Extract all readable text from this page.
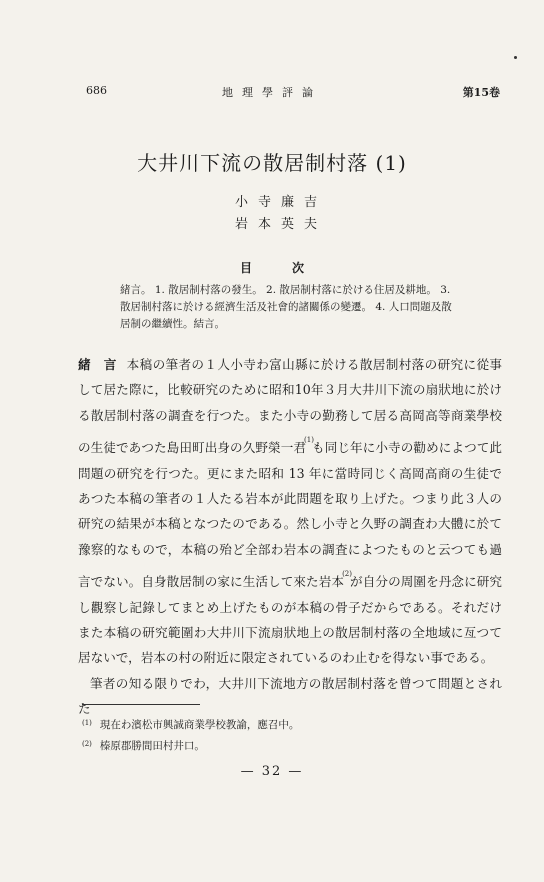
686	地理學評論	第15卷
大井川下流の散居制村落 (1)
小寺廉吉
岩本英夫
目次
緒言。 1. 散居制村落の發生。 2. 散居制村落に於ける住居及耕地。 3. 散居制村落に於ける經濟生活及社會的諸關係の變遷。 4. 人口問題及散居制の繼續性。結言。

緒 言 本稿の筆者の１人小寺わ富山縣に於ける散居制村落の研究に從事して居た際に，比較研究のために昭和10年３月大井川下流の扇狀地に於ける散居制村落の調査を行つた。また小寺の勤務して居る高岡高等商業學校の生徒であつた島田町出身の久野榮一君$^{(1)}$も同じ年に小寺の勸めによつて此問題の研究を行つた。更にまた昭和 13 年に當時同じく高岡高商の生徒であつた本稿の筆者の１人たる岩本が此問題を取り上げた。つまり此３人の研究の結果が本稿となつたのである。然し小寺と久野の調査わ大體に於て豫察的なもので，本稿の殆ど全部わ岩本の調査によつたものと云つても過言でない。自身散居制の家に生活して來た岩本$^{(2)}$が自分の周圍を丹念に研究し觀察し記錄してまとめ上げたものが本稿の骨子だからである。それだけまた本稿の研究範圍わ大井川下流扇狀地上の散居制村落の全地域に亙つて居ないで，岩本の村の附近に限定されているのわ止むを得ない事である。

筆者の知る限りでわ，大井川下流地方の散居制村落を曾つて問題とされた

$^{(1)}$ 現在わ濱松市興誠商業學校教諭，應召中。
$^{(2)}$ 榛原郡勝間田村井口。
— 32 —
